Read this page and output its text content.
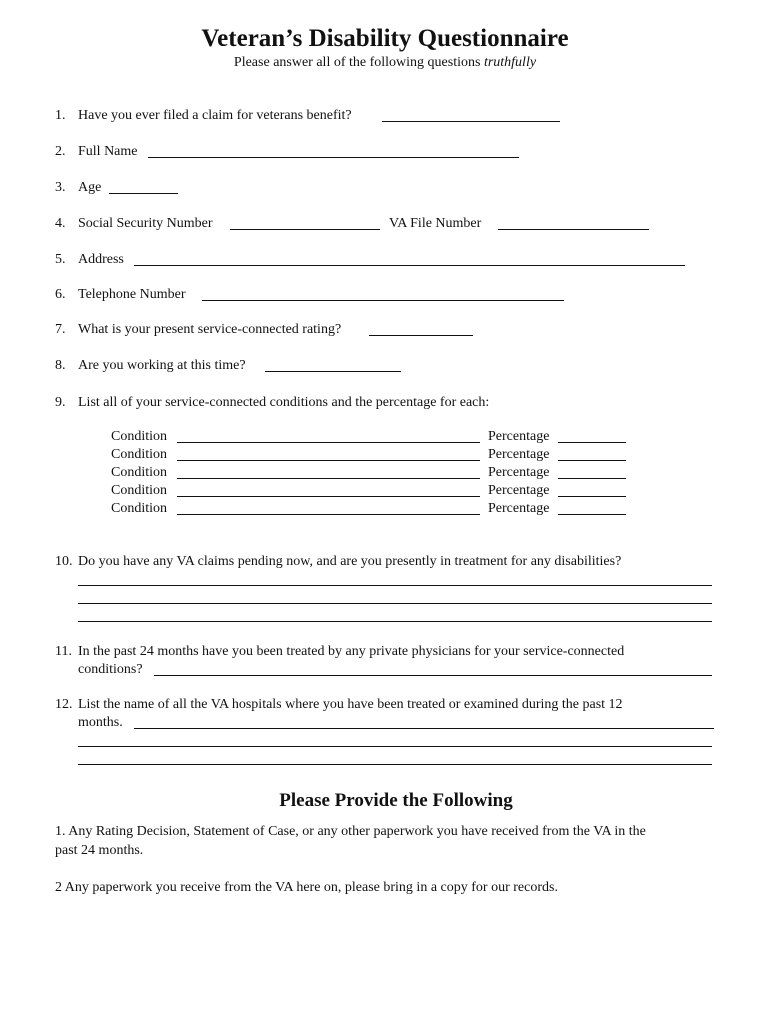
Veteran’s Disability Questionnaire
Please answer all of the following questions truthfully
1. Have you ever filed a claim for veterans benefit?
2. Full Name
3. Age
4. Social Security Number	VA File Number
5. Address
6. Telephone Number
7. What is your present service-connected rating?
8. Are you working at this time?
9. List all of your service-connected conditions and the percentage for each:
Condition	Percentage
Condition	Percentage
Condition	Percentage
Condition	Percentage
Condition	Percentage
10. Do you have any VA claims pending now, and are you presently in treatment for any disabilities?
11. In the past 24 months have you been treated by any private physicians for your service-connected
conditions?
12. List the name of all the VA hospitals where you have been treated or examined during the past 12
months.
Please Provide the Following
1. Any Rating Decision, Statement of Case, or any other paperwork you have received from the VA in the
past 24 months.
2 Any paperwork you receive from the VA here on, please bring in a copy for our records.
